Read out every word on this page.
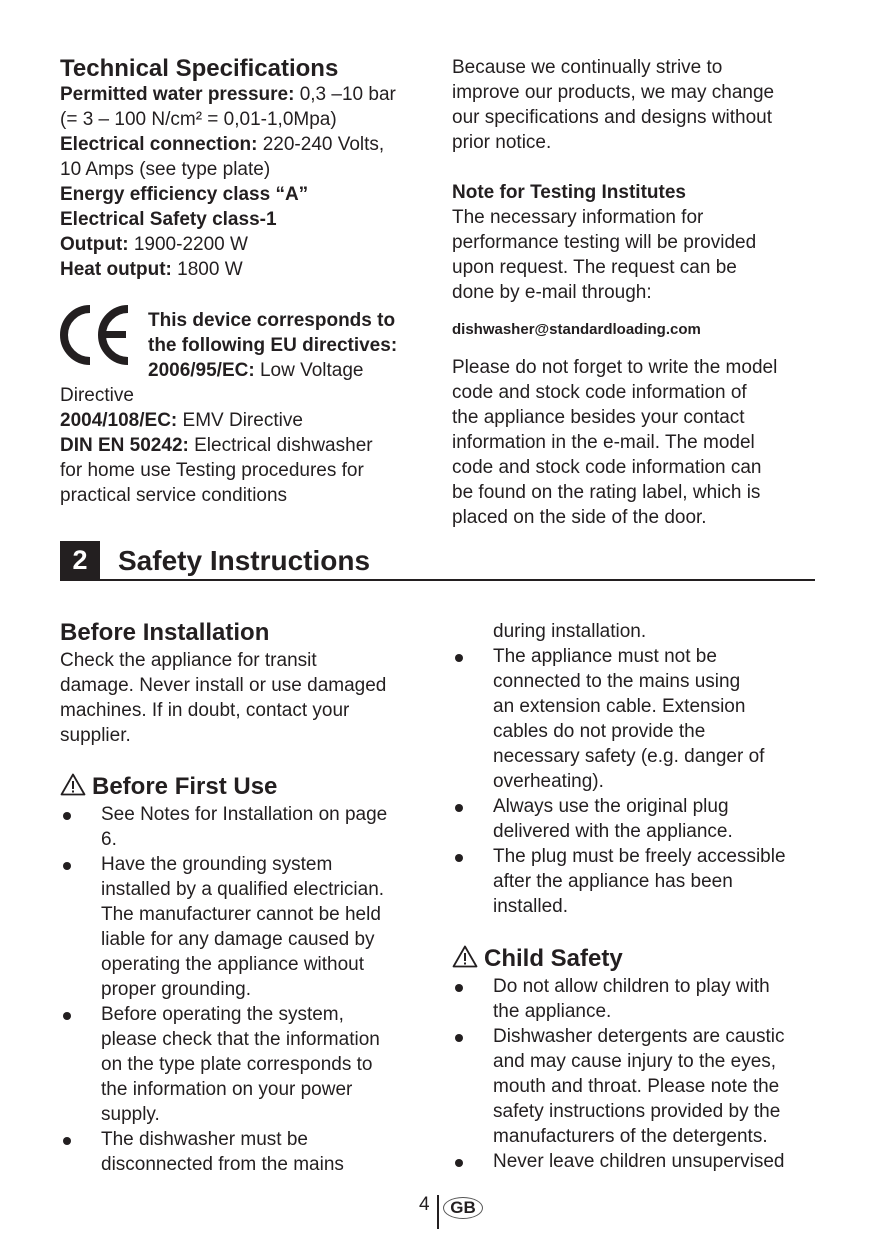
Technical Specifications
Permitted water pressure: 0,3 –10 bar
(= 3 – 100 N/cm² = 0,01-1,0Mpa)
Electrical connection: 220-240 Volts,
10 Amps (see type plate)
Energy efficiency class “A”
Electrical Safety class-1
Output: 1900-2200 W
Heat output: 1800 W
This device corresponds to
the following EU directives:
2006/95/EC: Low Voltage
Directive
2004/108/EC: EMV Directive
DIN EN 50242: Electrical dishwasher
for home use Testing procedures for
practical service conditions
Because we continually strive to
improve our products, we may change
our specifications and designs without
prior notice.
Note for Testing Institutes
The necessary information for
performance testing will be provided
upon request. The request can be
done by e-mail through:
dishwasher@standardloading.com
Please do not forget to write the model
code and stock code information of
the appliance besides your contact
information in the e-mail. The model
code and stock code information can
be found on the rating label, which is
placed on the side of the door.
2	Safety Instructions
Before Installation
Check the appliance for transit
damage. Never install or use damaged
machines. If in doubt, contact your
supplier.
Before First Use
See Notes for Installation on page
6.
Have the grounding system
installed by a qualified electrician.
The manufacturer cannot be held
liable for any damage caused by
operating the appliance without
proper grounding.
Before operating the system,
please check that the information
on the type plate corresponds to
the information on your power
supply.
The dishwasher must be
disconnected from the mains
during installation.
The appliance must not be
connected to the mains using
an extension cable. Extension
cables do not provide the
necessary safety (e.g. danger of
overheating).
Always use the original plug
delivered with the appliance.
The plug must be freely accessible
after the appliance has been
installed.
Child Safety
Do not allow children to play with
the appliance.
Dishwasher detergents are caustic
and may cause injury to the eyes,
mouth and throat. Please note the
safety instructions provided by the
manufacturers of the detergents.
Never leave children unsupervised
4	GB
